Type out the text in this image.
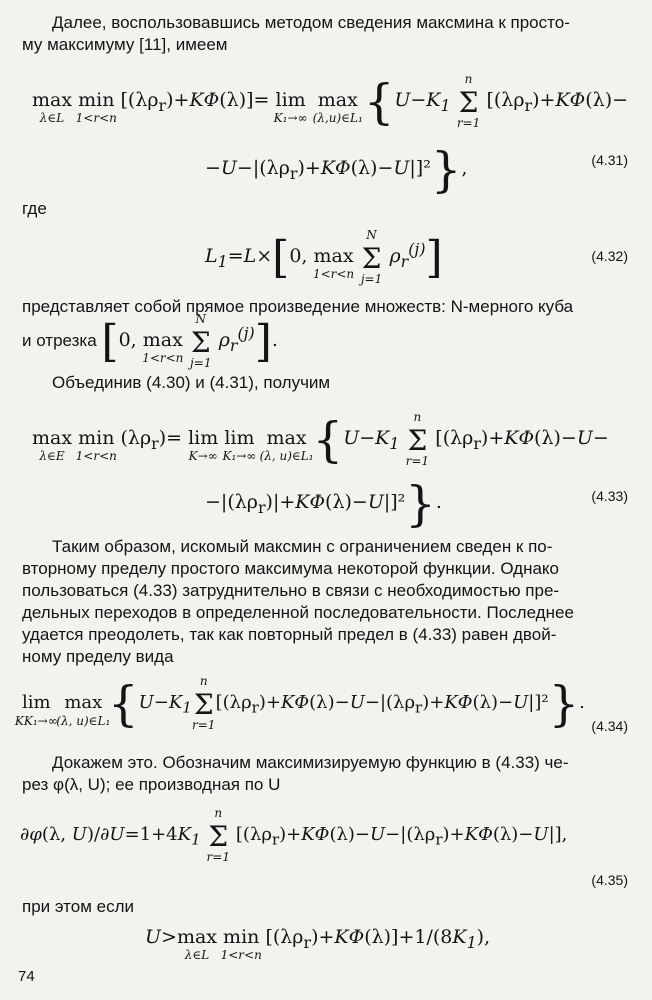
Далее, воспользовавшись методом сведения максмина к просто-
му максимуму [11], имеем

max
λ∈L
min
1<r<n
$[(\lambda\rho_r)+K\Phi(\lambda)]= \lim$
K₁→∞
max
(λ,u)∈L₁ {$U-K_1$ Σ
n
r=1
[$(\lambda\rho_r)+K\Phi(\lambda)-$
$-U-|(\lambda\rho_r)+K\Phi(\lambda)-U|]^2$},	(4.31)

где

$L_1=L\times[0$, max
1<r<n Σ
N
j=1
$\rho_r^{(j)}$]	(4.32)

представляет собой прямое произведение множеств: N-мерного куба

и отрезка [0, max
1<r<n Σ
N
j=1
$\rho_r^{(j)}$].

Объединив (4.30) и (4.31), получим

max
λ∈E
min
1<r<n
$(\lambda\rho_r)= \lim$
K→∞
lim
K₁→∞
max
(λ, u)∈L₁ {$U-K_1$ Σ
n
r=1
[$(\lambda\rho_r)+K\Phi(\lambda)-U-$
$-|(\lambda\rho_r)|+K\Phi(\lambda)-U|]^2$}.	(4.33)

Таким образом, искомый максмин с ограничением сведен к по-
вторному пределу простого максимума некоторой функции. Однако
пользоваться (4.33) затруднительно в связи с необходимостью пре-
дельных переходов в определенной последовательности. Последнее
удается преодолеть, так как повторный предел в (4.33) равен двой-
ному пределу вида

lim
KK₁→∞
max
(λ, u)∈L₁
{$U-K_1\Sigma$
n
r=1
$[(\lambda\rho_r)+K\Phi(\lambda)-U-|(\lambda\rho_r)+K\Phi(\lambda)-U|]^2$}.
(4.34)

Докажем это. Обозначим максимизируемую функцию в (4.33) че-
рез φ(λ, U); ее производная по U

∂φ(λ, $U)/\partial U=1+4K_1$ Σ
n
r=1
$[(\lambda\rho_r)+K\Phi(\lambda)-U-|(\lambda\rho_r)+K\Phi(\lambda)-U|]$,
(4.35)

при этом если

U>max
λ∈L
min
1<r<n
$[(\lambda\rho_r)+K\Phi(\lambda)]+1/(8K_1)$,
74
